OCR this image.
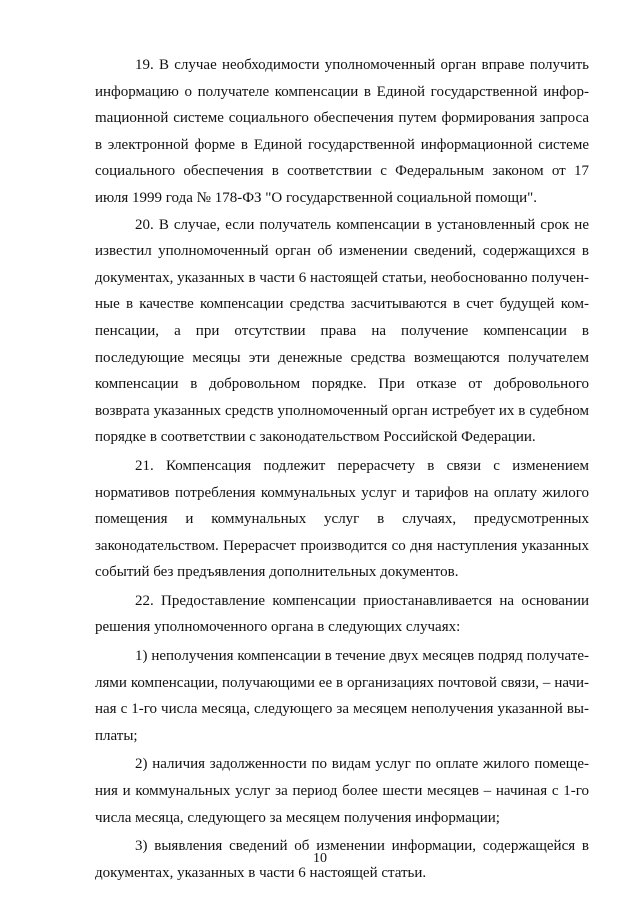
19. В случае необходимости уполномоченный орган вправе получить информацию о получателе компенсации в Единой государственной инфорmационной системе социального обеспечения путем формирования запроса в электронной форме в Единой государственной информационной системе социального обеспечения в соответствии с Федеральным законом от 17 июля 1999 года № 178-ФЗ "О государственной социальной помощи".

20. В случае, если получатель компенсации в установленный срок не известил уполномоченный орган об изменении сведений, содержащихся в документах, указанных в части 6 настоящей статьи, необоснованно полученные в качестве компенсации средства засчитываются в счет будущей компенсации, а при отсутствии права на получение компенсации в последующие месяцы эти денежные средства возмещаются получателем компенсации в добровольном порядке. При отказе от добровольного возврата указанных средств уполномоченный орган истребует их в судебном порядке в соответствии с законодательством Российской Федерации.

21. Компенсация подлежит перерасчету в связи с изменением нормативов потребления коммунальных услуг и тарифов на оплату жилого помещения и коммунальных услуг в случаях, предусмотренных законодательством. Перерасчет производится со дня наступления указанных событий без предъявления дополнительных документов.

22. Предоставление компенсации приостанавливается на основании решения уполномоченного органа в следующих случаях:

1) неполучения компенсации в течение двух месяцев подряд получателями компенсации, получающими ее в организациях почтовой связи, – начиная с 1-го числа месяца, следующего за месяцем неполучения указанной выплаты;

2) наличия задолженности по видам услуг по оплате жилого помещения и коммунальных услуг за период более шести месяцев – начиная с 1-го числа месяца, следующего за месяцем получения информации;

3) выявления сведений об изменении информации, содержащейся в документах, указанных в части 6 настоящей статьи.

10
